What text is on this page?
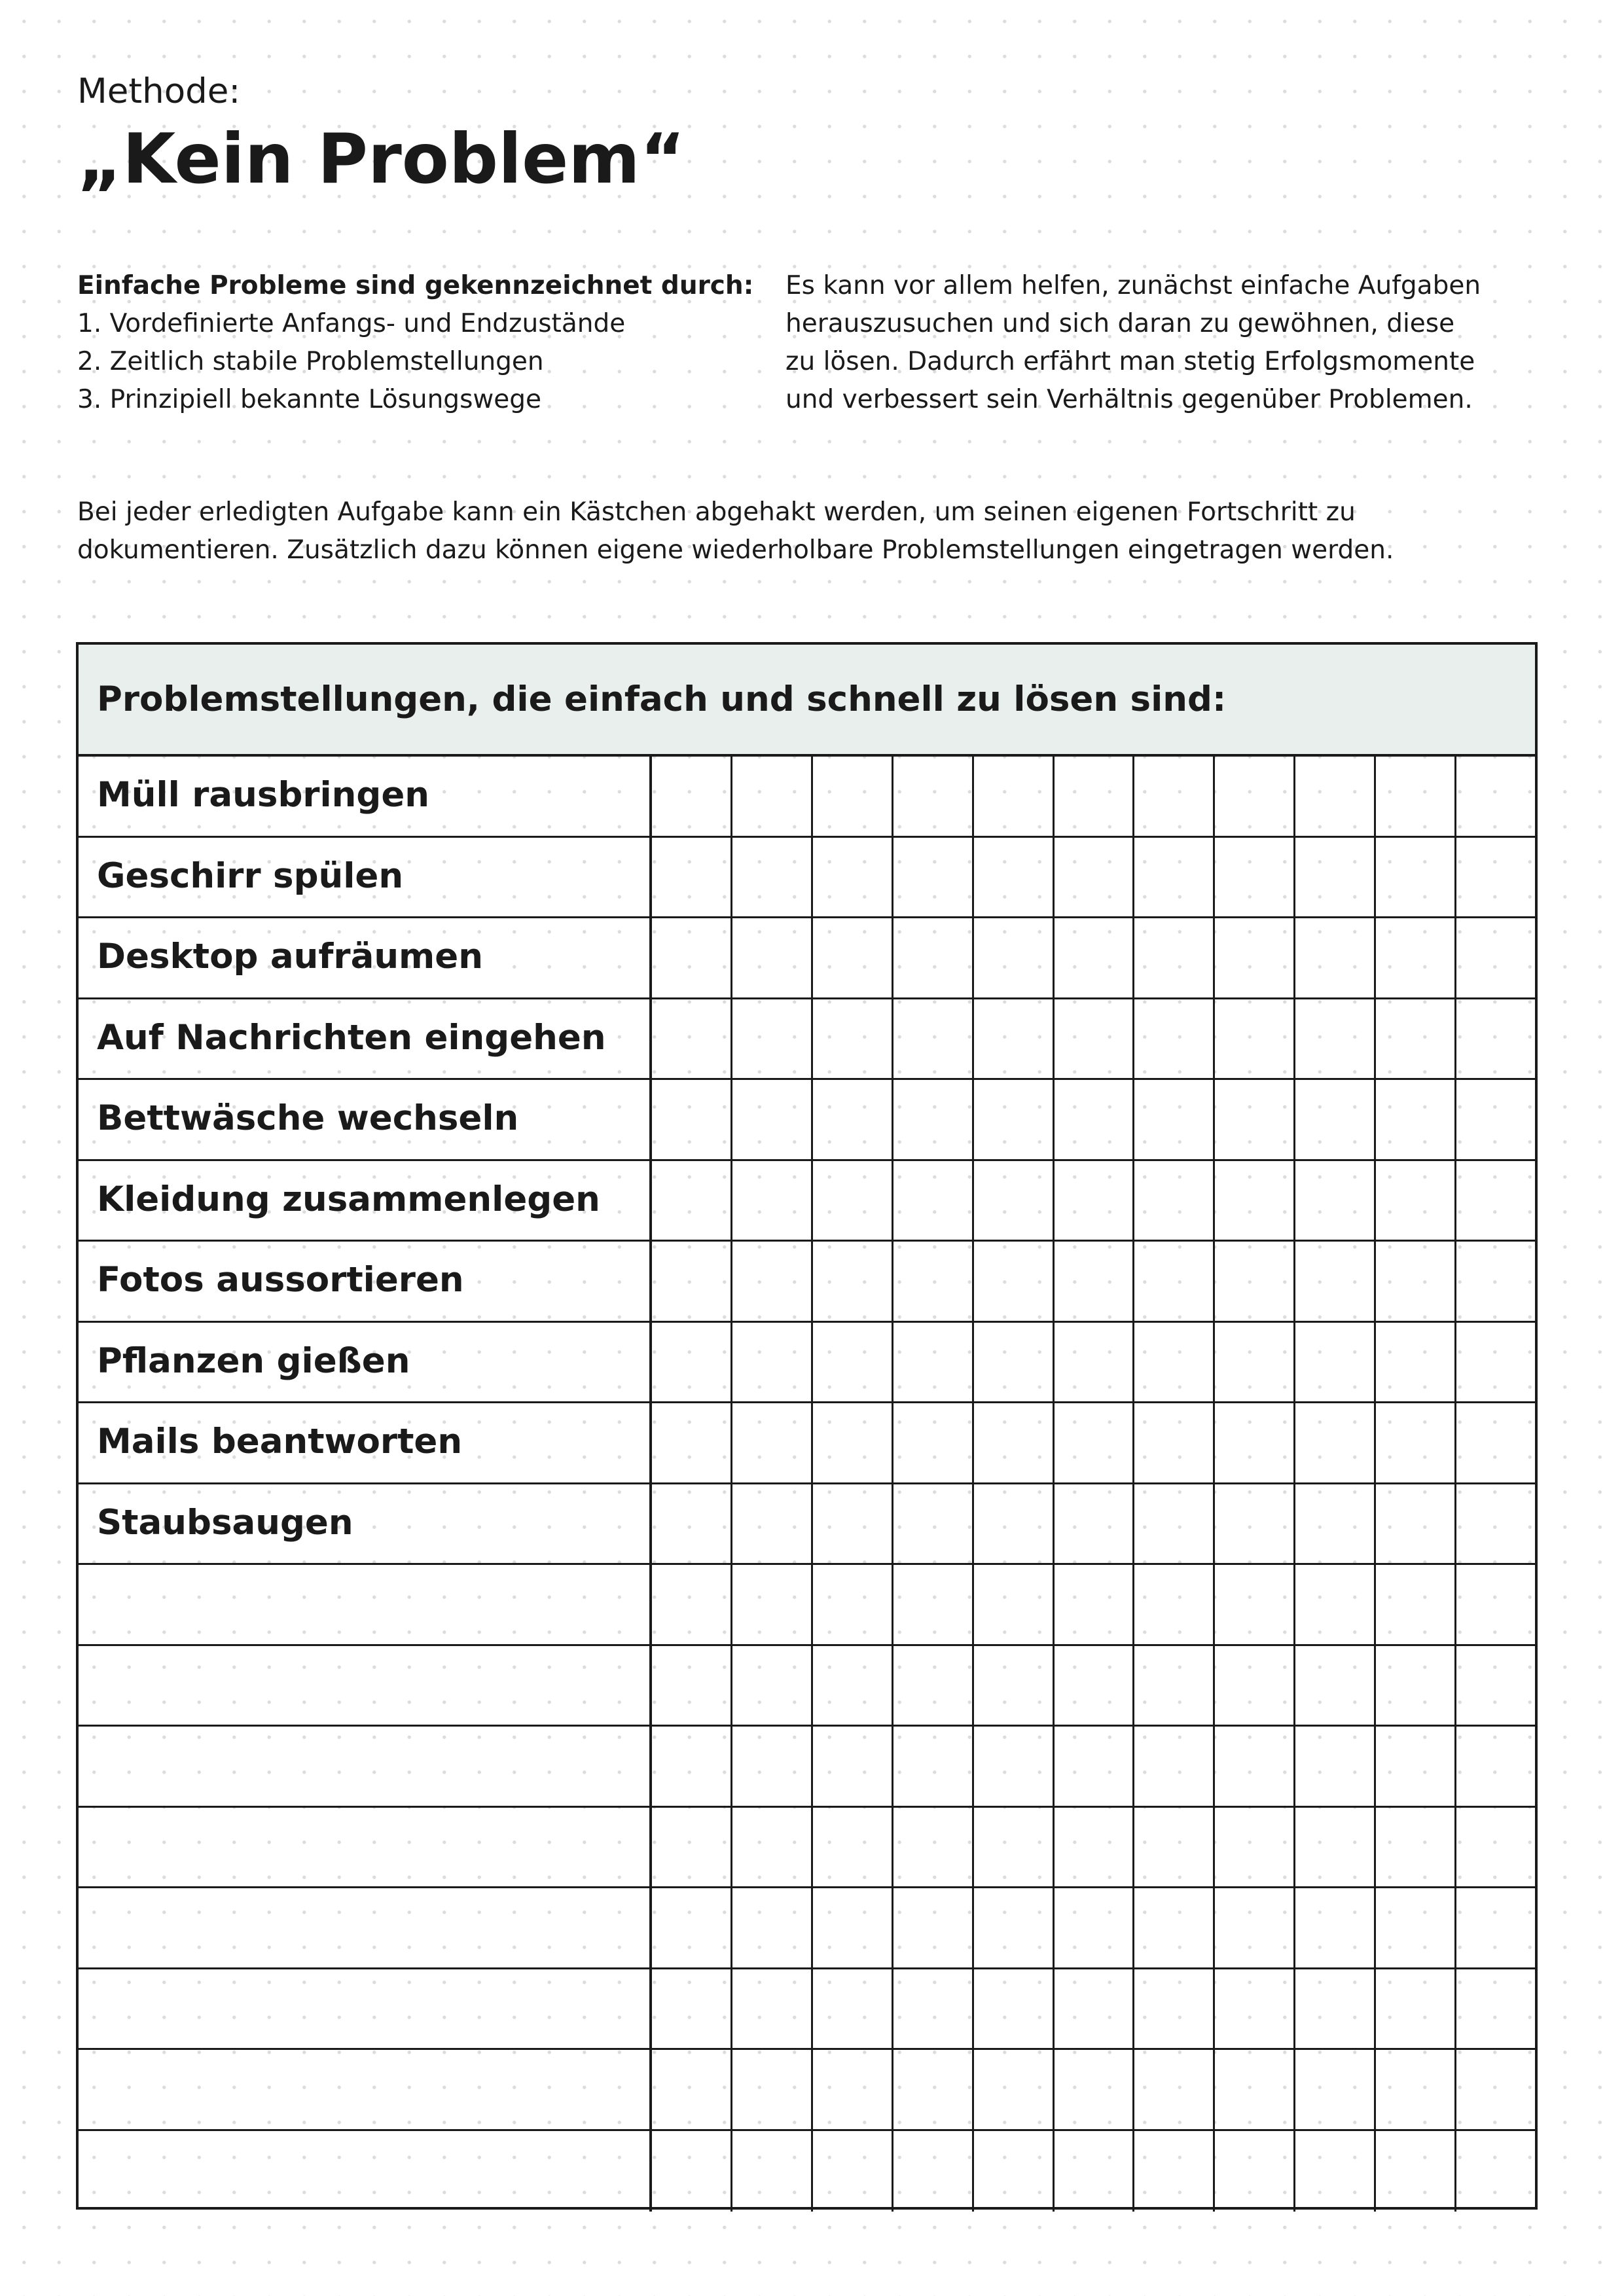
Methode:
„Kein Problem“
Einfache Probleme sind gekennzeichnet durch:
1. Vordefinierte Anfangs- und Endzustände
2. Zeitlich stabile Problemstellungen
3. Prinzipiell bekannte Lösungswege
Es kann vor allem helfen, zunächst einfache Aufgaben
herauszusuchen und sich daran zu gewöhnen, diese
zu lösen. Dadurch erfährt man stetig Erfolgsmomente
und verbessert sein Verhältnis gegenüber Problemen.
Bei jeder erledigten Aufgabe kann ein Kästchen abgehakt werden, um seinen eigenen Fortschritt zu
dokumentieren. Zusätzlich dazu können eigene wiederholbare Problemstellungen eingetragen werden.
Problemstellungen, die einfach und schnell zu lösen sind:
Müll rausbringen
Geschirr spülen
Desktop aufräumen
Auf Nachrichten eingehen
Bettwäsche wechseln
Kleidung zusammenlegen
Fotos aussortieren
Pflanzen gießen
Mails beantworten
Staubsaugen
